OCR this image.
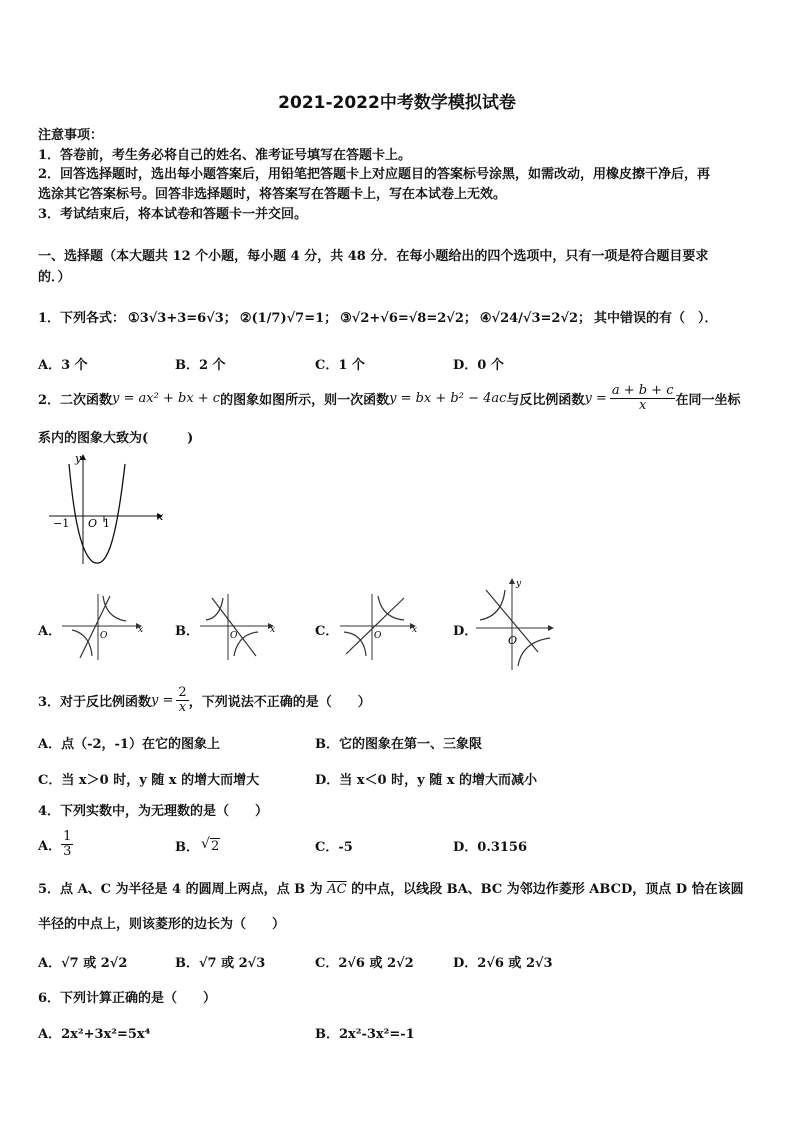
2021-2022中考数学模拟试卷
注意事项：
1．答卷前，考生务必将自己的姓名、准考证号填写在答题卡上。
2．回答选择题时，选出每小题答案后，用铅笔把答题卡上对应题目的答案标号涂黑，如需改动，用橡皮擦干净后，再
选涂其它答案标号。回答非选择题时，将答案写在答题卡上，写在本试卷上无效。
3．考试结束后，将本试卷和答题卡一并交回。
一、选择题（本大题共 12 个小题，每小题 4 分，共 48 分．在每小题给出的四个选项中，只有一项是符合题目要求
的．）
1．下列各式： ①3√3+3=6√3； ②(1/7)√7=1； ③√2+√6=√8=2√2； ④√24/√3=2√2； 其中错误的有（　）．
A．3 个	B．2 个	C．1 个	D．0 个
2．二次函数 y = ax² + bx + c 的图象如图所示，则一次函数 y = bx + b² − 4ac 与反比例函数 $y = \frac{a + b + c}{x}$ 在同一坐标
系内的图象大致为(　　　)
y
x
O
−1	1
A．	x
O	B．	x
O	C．	x
O	D．
y
O
3．对于反比例函数 $y = \frac{2}{x}$ ，下列说法不正确的是（　　）
A．点（-2，-1）在它的图象上	B．它的图象在第一、三象限
C．当 x＞0 时，y 随 x 的增大而增大	D．当 x＜0 时，y 随 x 的增大而减小
4．下列实数中，为无理数的是（　　）
A． $\frac{1}{3}$	B． √ 2	C．-5	D．0.3156
5．点 A、C 为半径是 4 的圆周上两点，点 B 为 $\overline{AC}$ 的中点，以线段 BA、BC 为邻边作菱形 ABCD，顶点 D 恰在该圆
半径的中点上，则该菱形的边长为（　　）
A．√7 或 2√2	B．√7 或 2√3	C．2√6 或 2√2	D．2√6 或 2√3
6．下列计算正确的是（　　）
A．2x²+3x²=5x⁴	B．2x²-3x²=-1
